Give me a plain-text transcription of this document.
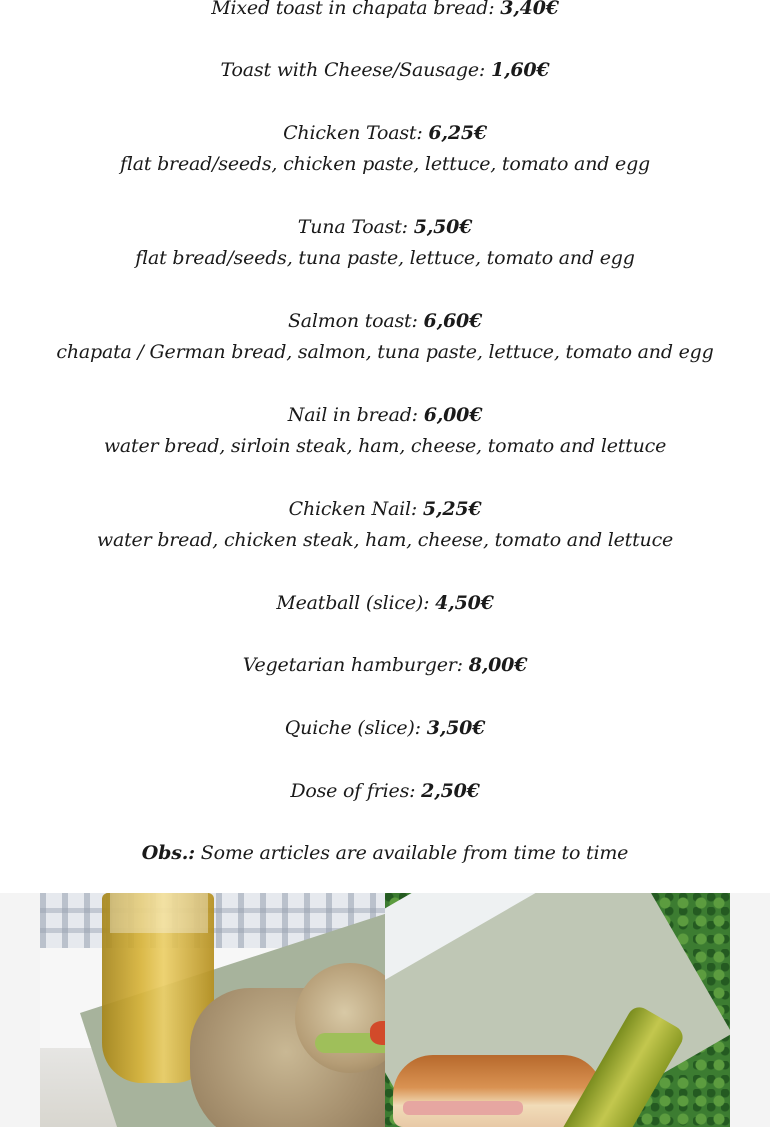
Mixed toast in chapata bread: 3,40€
Toast with Cheese/Sausage: 1,60€
Chicken Toast: 6,25€
flat bread/seeds, chicken paste, lettuce, tomato and egg
Tuna Toast: 5,50€
flat bread/seeds, tuna paste, lettuce, tomato and egg
Salmon toast: 6,60€
chapata / German bread, salmon, tuna paste, lettuce, tomato and egg
Nail in bread: 6,00€
water bread, sirloin steak, ham, cheese, tomato and lettuce
Chicken Nail: 5,25€
water bread, chicken steak, ham, cheese, tomato and lettuce
Meatball (slice): 4,50€
Vegetarian hamburger: 8,00€
Quiche (slice): 3,50€
Dose of fries: 2,50€
Obs.: Some articles are available from time to time
